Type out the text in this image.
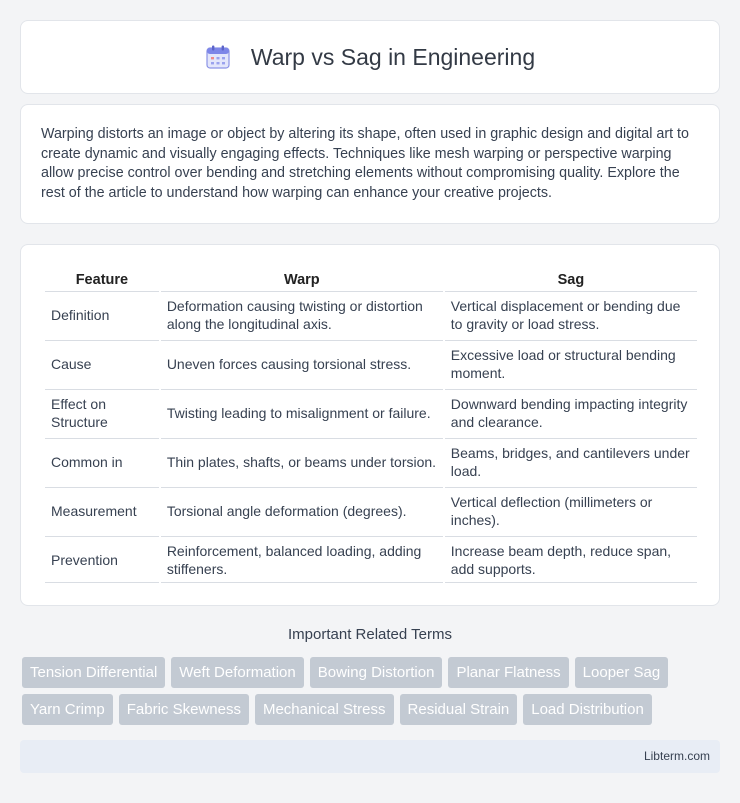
Warp vs Sag in Engineering

Warping distorts an image or object by altering its shape, often used in graphic design and digital art to create dynamic and visually engaging effects. Techniques like mesh warping or perspective warping allow precise control over bending and stretching elements without compromising quality. Explore the rest of the article to understand how warping can enhance your creative projects.

Feature	Warp	Sag
Definition	Deformation causing twisting or distortion along the longitudinal axis.	Vertical displacement or bending due to gravity or load stress.
Cause	Uneven forces causing torsional stress.	Excessive load or structural bending moment.
Effect on Structure	Twisting leading to misalignment or failure.	Downward bending impacting integrity and clearance.
Common in	Thin plates, shafts, or beams under torsion.	Beams, bridges, and cantilevers under load.
Measurement	Torsional angle deformation (degrees).	Vertical deflection (millimeters or inches).
Prevention	Reinforcement, balanced loading, adding stiffeners.	Increase beam depth, reduce span, add supports.
Important Related Terms
Tension Differential	Weft Deformation	Bowing Distortion	Planar Flatness	Looper Sag
Yarn Crimp	Fabric Skewness	Mechanical Stress	Residual Strain	Load Distribution
Libterm.com
